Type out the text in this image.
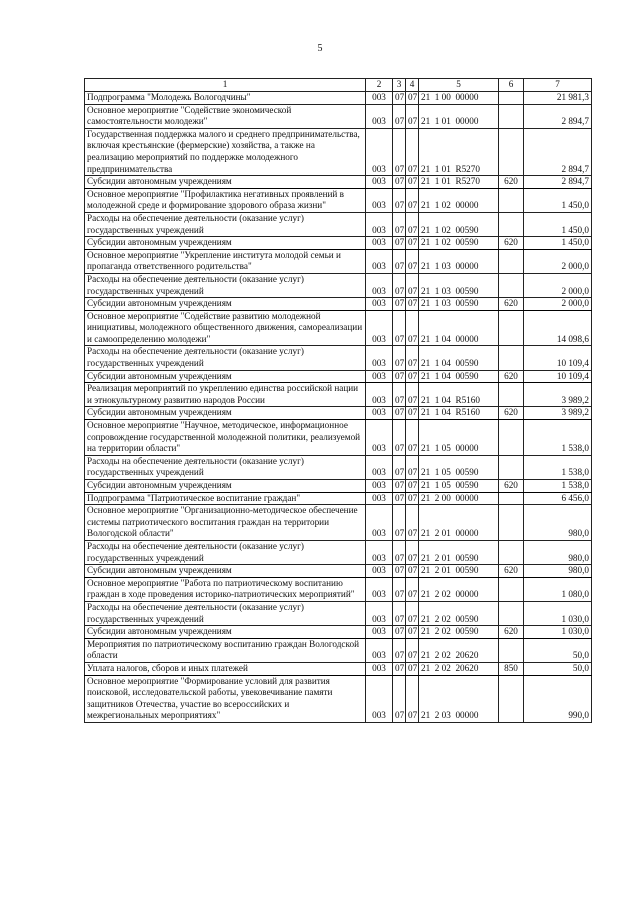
5
1	2	3	4	5	6	7
Подпрограмма "Молодежь Вологодчины"	003	07	07	21  1 00  00000		21 981,3
Основное мероприятие "Содействие экономической самостоятельности молодежи"	003	07	07	21  1 01  00000		2 894,7
Государственная поддержка малого и среднего предпринимательства, включая крестьянские (фермерские) хозяйства, а также на реализацию мероприятий по поддержке молодежного предпринимательства	003	07	07	21  1 01  R5270		2 894,7
Субсидии автономным учреждениям	003	07	07	21  1 01  R5270	620	2 894,7
Основное мероприятие "Профилактика негативных проявлений в молодежной среде и формирование здорового образа жизни"	003	07	07	21  1 02  00000		1 450,0
Расходы на обеспечение деятельности (оказание услуг) государственных учреждений	003	07	07	21  1 02  00590		1 450,0
Субсидии автономным учреждениям	003	07	07	21  1 02  00590	620	1 450,0
Основное мероприятие "Укрепление института молодой семьи и пропаганда ответственного родительства"	003	07	07	21  1 03  00000		2 000,0
Расходы на обеспечение деятельности (оказание услуг) государственных учреждений	003	07	07	21  1 03  00590		2 000,0
Субсидии автономным учреждениям	003	07	07	21  1 03  00590	620	2 000,0
Основное мероприятие "Содействие развитию молодежной инициативы, молодежного общественного движения, самореализации и самоопределению молодежи"	003	07	07	21  1 04  00000		14 098,6
Расходы на обеспечение деятельности (оказание услуг) государственных учреждений	003	07	07	21  1 04  00590		10 109,4
Субсидии автономным учреждениям	003	07	07	21  1 04  00590	620	10 109,4
Реализация мероприятий по укреплению единства российской нации и этнокультурному развитию народов России	003	07	07	21  1 04  R5160		3 989,2
Субсидии автономным учреждениям	003	07	07	21  1 04  R5160	620	3 989,2
Основное мероприятие "Научное, методическое, информационное сопровождение государственной молодежной политики, реализуемой на территории области"	003	07	07	21  1 05  00000		1 538,0
Расходы на обеспечение деятельности (оказание услуг) государственных учреждений	003	07	07	21  1 05  00590		1 538,0
Субсидии автономным учреждениям	003	07	07	21  1 05  00590	620	1 538,0
Подпрограмма "Патриотическое воспитание граждан"	003	07	07	21  2 00  00000		6 456,0
Основное мероприятие "Организационно-методическое обеспечение системы патриотического воспитания граждан на территории Вологодской области"	003	07	07	21  2 01  00000		980,0
Расходы на обеспечение деятельности (оказание услуг) государственных учреждений	003	07	07	21  2 01  00590		980,0
Субсидии автономным учреждениям	003	07	07	21  2 01  00590	620	980,0
Основное мероприятие "Работа по патриотическому воспитанию граждан в ходе проведения историко-патриотических мероприятий"	003	07	07	21  2 02  00000		1 080,0
Расходы на обеспечение деятельности (оказание услуг) государственных учреждений	003	07	07	21  2 02  00590		1 030,0
Субсидии автономным учреждениям	003	07	07	21  2 02  00590	620	1 030,0
Мероприятия по патриотическому воспитанию граждан Вологодской области	003	07	07	21  2 02  20620		50,0
Уплата налогов, сборов и иных платежей	003	07	07	21  2 02  20620	850	50,0
Основное мероприятие "Формирование условий для развития поисковой, исследовательской работы, увековечивание памяти защитников Отечества, участие во всероссийских и межрегиональных мероприятиях"	003	07	07	21  2 03  00000		990,0
